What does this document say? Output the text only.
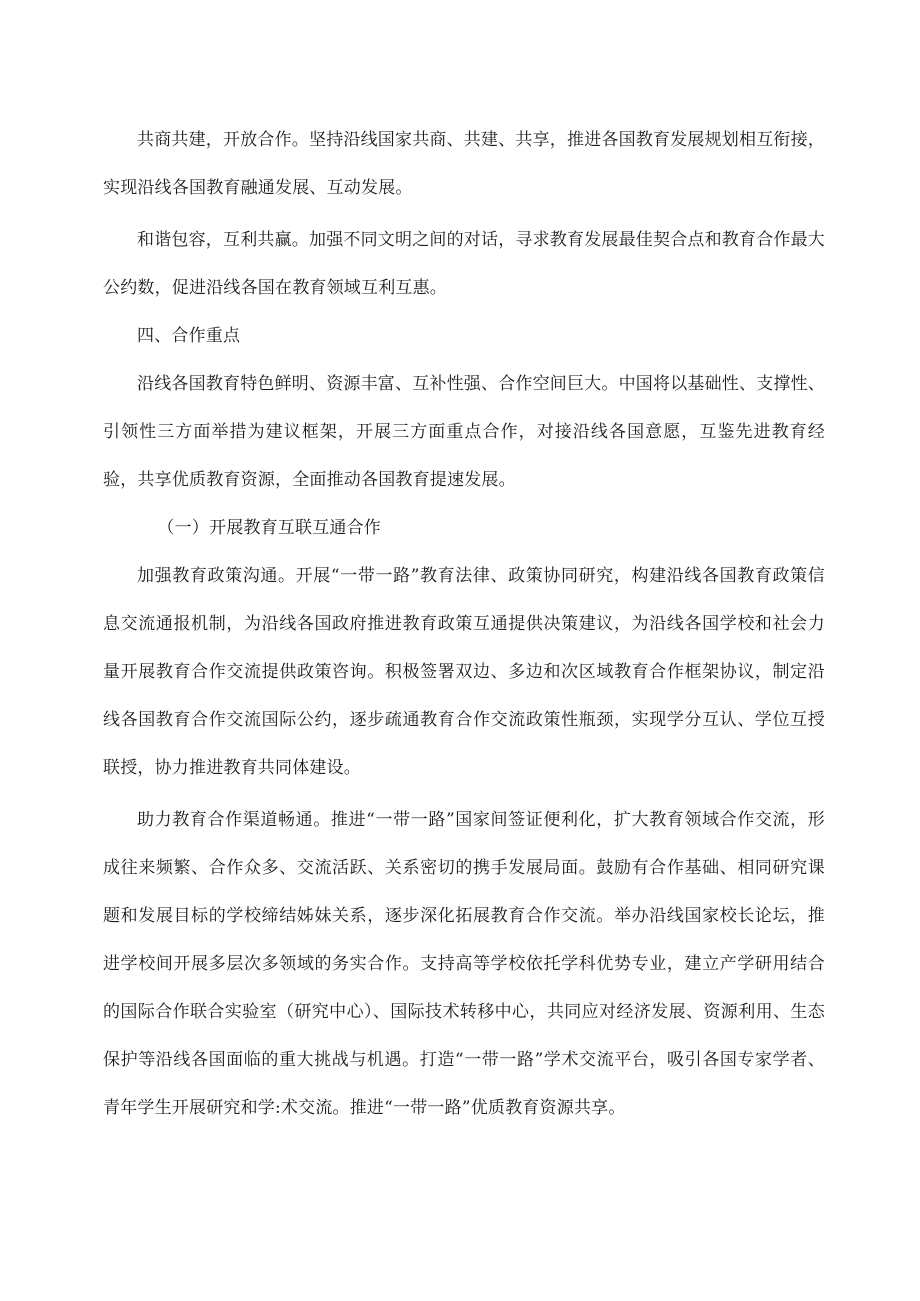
共商共建，开放合作。坚持沿线国家共商、共建、共享，推进各国教育发展规划相互衔接，实现沿线各国教育融通发展、互动发展。

和谐包容，互利共赢。加强不同文明之间的对话，寻求教育发展最佳契合点和教育合作最大公约数，促进沿线各国在教育领域互利互惠。

四、合作重点

沿线各国教育特色鲜明、资源丰富、互补性强、合作空间巨大。中国将以基础性、支撑性、引领性三方面举措为建议框架，开展三方面重点合作，对接沿线各国意愿，互鉴先进教育经验，共享优质教育资源，全面推动各国教育提速发展。

（一）开展教育互联互通合作

加强教育政策沟通。开展“一带一路”教育法律、政策协同研究，构建沿线各国教育政策信息交流通报机制，为沿线各国政府推进教育政策互通提供决策建议，为沿线各国学校和社会力量开展教育合作交流提供政策咨询。积极签署双边、多边和次区域教育合作框架协议，制定沿线各国教育合作交流国际公约，逐步疏通教育合作交流政策性瓶颈，实现学分互认、学位互授联授，协力推进教育共同体建设。

助力教育合作渠道畅通。推进“一带一路”国家间签证便利化，扩大教育领域合作交流，形成往来频繁、合作众多、交流活跃、关系密切的携手发展局面。鼓励有合作基础、相同研究课题和发展目标的学校缔结姊妹关系，逐步深化拓展教育合作交流。举办沿线国家校长论坛，推进学校间开展多层次多领域的务实合作。支持高等学校依托学科优势专业，建立产学研用结合的国际合作联合实验室（研究中心）、国际技术转移中心，共同应对经济发展、资源利用、生态保护等沿线各国面临的重大挑战与机遇。打造“一带一路”学术交流平台，吸引各国专家学者、青年学生开展研究和学:术交流。推进“一带一路”优质教育资源共享。
